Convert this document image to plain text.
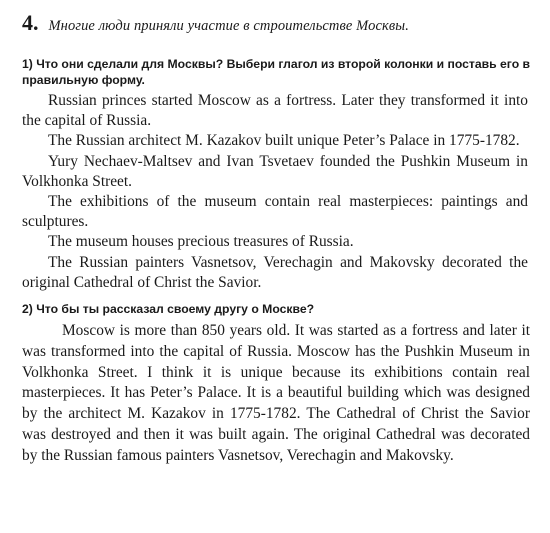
4. Многие люди приняли участие в строительстве Москвы.
1) Что они сделали для Москвы? Выбери глагол из второй колонки и поставь его в правильную форму.

Russian princes started Moscow as a fortress. Later they transformed it into the capital of Russia.

The Russian architect M. Kazakov built unique Peter’s Palace in 1775-1782.

Yury Nechaev-Maltsev and Ivan Tsvetaev founded the Pushkin Museum in Volkhonka Street.

The exhibitions of the museum contain real masterpieces: paintings and sculptures.

The museum houses precious treasures of Russia.

The Russian painters Vasnetsov, Verechagin and Makovsky decorated the original Cathedral of Christ the Savior.

2) Что бы ты рассказал своему другу о Москве?

Moscow is more than 850 years old. It was started as a fortress and later it was transformed into the capital of Russia. Moscow has the Pushkin Museum in Volkhonka Street. I think it is unique because its exhibitions contain real masterpieces. It has Peter’s Palace. It is a beautiful building which was designed by the architect M. Kazakov in 1775-1782. The Cathedral of Christ the Savior was destroyed and then it was built again. The original Cathedral was decorated by the Russian famous painters Vasnetsov, Verechagin and Makovsky.
